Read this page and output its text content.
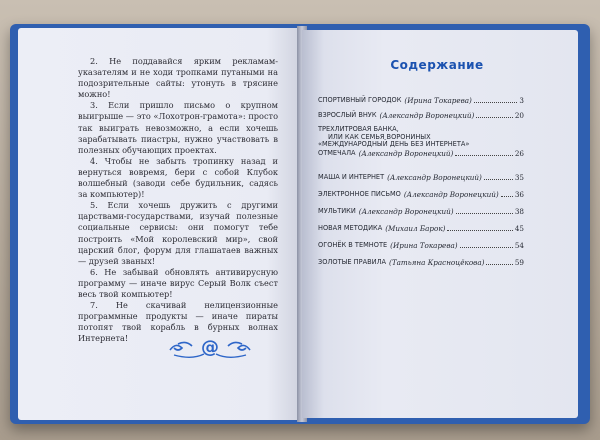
2. Не поддавайся ярким рекламам-указателям и не ходи тропками путаными на подозрительные сайты: утонуть в трясине можно!

3. Если пришло письмо о крупном выигрыше — это «Лохотрон-грамота»: просто так выиграть невозможно, а если хочешь зарабатывать пиастры, нужно участвовать в полезных обучающих проектах.

4. Чтобы не забыть тропинку назад и вернуться вовремя, бери с собой Клубок волшебный (заводи себе будильник, садясь за компьютер)!

5. Если хочешь дружить с другими царствами-государствами, изучай полезные социальные сервисы: они помогут тебе построить «Мой королевский мир», свой царский блог, форум для глашатаев важных — друзей званых!

6. Не забывай обновлять антивирусную программу — иначе вирус Серый Волк съест весь твой компьютер!

7. Не скачивай нелицензионные программные продукты — иначе пираты потопят твой корабль в бурных волнах Интернета!	@
Содержание
СПОРТИВНЫЙ ГОРОДОК (Ирина Токарева)	3
ВЗРОСЛЫЙ ВНУК (Александр Воронецкий)	20
ТРЕХЛИТРОВАЯ БАНКА,
ИЛИ КАК СЕМЬЯ ВОРОНИНЫХ
«МЕЖДУНАРОДНЫЙ ДЕНЬ БЕЗ ИНТЕРНЕТА»
ОТМЕЧАЛА (Александр Воронецкий)	26
МАША И ИНТЕРНЕТ (Александр Воронецкий)	35
ЭЛЕКТРОННОЕ ПИСЬМО (Александр Воронецкий) 36
МУЛЬТИКИ (Александр Воронецкий)	38
НОВАЯ МЕТОДИКА (Михаил Барок)	45
ОГОНЁК В ТЕМНОТЕ (Ирина Токарева)	54
ЗОЛОТЫЕ ПРАВИЛА (Татьяна Красноцёкова)	59
